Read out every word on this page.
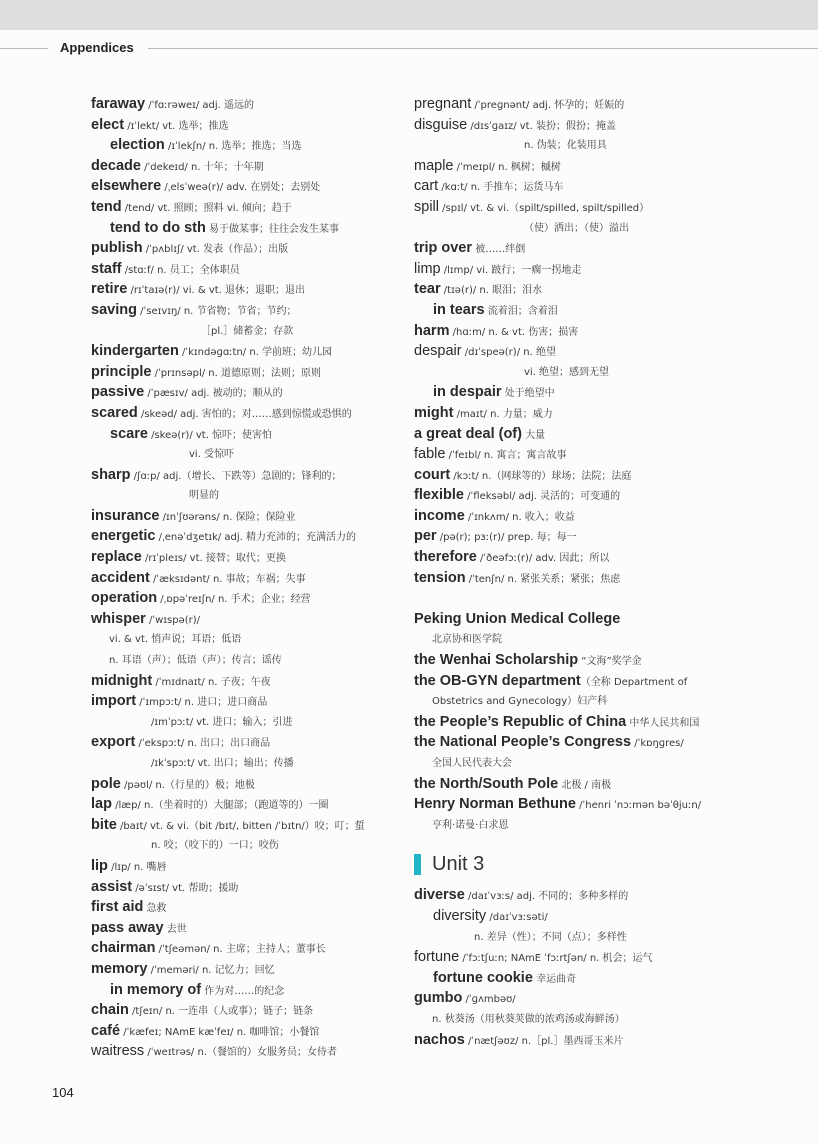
Appendices
faraway /ˈfɑːrəweɪ/ adj. 遥远的
elect /ɪˈlekt/ vt. 选举；推选
election /ɪˈlekʃn/ n. 选举；推选；当选
decade /ˈdekeɪd/ n. 十年；十年期
elsewhere /ˌelsˈweə(r)/ adv. 在别处；去别处
tend /tend/ vt. 照顾；照料 vi. 倾向；趋于
tend to do sth 易于做某事；往往会发生某事
publish /ˈpʌblɪʃ/ vt. 发表（作品）；出版
staff /stɑːf/ n. 员工；全体职员
retire /rɪˈtaɪə(r)/ vi. & vt. 退休；退职；退出
saving /ˈseɪvɪŋ/ n. 节省物；节省；节约；
［pl.］储蓄金；存款
kindergarten /ˈkɪndəɡɑːtn/ n. 学前班；幼儿园
principle /ˈprɪnsəpl/ n. 道德原则；法则；原则
passive /ˈpæsɪv/ adj. 被动的；顺从的
scared /skeəd/ adj. 害怕的；对……感到惊慌或恐惧的
scare /skeə(r)/ vt. 惊吓；使害怕
vi. 受惊吓
sharp /ʃɑːp/ adj.（增长、下跌等）急剧的；锋利的；
明显的
insurance /ɪnˈʃʊərəns/ n. 保险；保险业
energetic /ˌenəˈdʒetɪk/ adj. 精力充沛的；充满活力的
replace /rɪˈpleɪs/ vt. 接替；取代；更换
accident /ˈæksɪdənt/ n. 事故；车祸；失事
operation /ˌɒpəˈreɪʃn/ n. 手术；企业；经营
whisper /ˈwɪspə(r)/
vi. & vt. 悄声说；耳语；低语
n. 耳语（声）；低语（声）；传言；谣传
midnight /ˈmɪdnaɪt/ n. 子夜；午夜
import /ˈɪmpɔːt/ n. 进口；进口商品
/ɪmˈpɔːt/ vt. 进口；输入；引进
export /ˈekspɔːt/ n. 出口；出口商品
/ɪkˈspɔːt/ vt. 出口；输出；传播
pole /pəʊl/ n.（行星的）极；地极
lap /læp/ n.（坐着时的）大腿部；（跑道等的）一圈
bite /baɪt/ vt. & vi.（bit /bɪt/, bitten /ˈbɪtn/）咬；叮；蜇
n. 咬；（咬下的）一口；咬伤
lip /lɪp/ n. 嘴唇
assist /əˈsɪst/ vt. 帮助；援助
first aid 急救
pass away 去世
chairman /ˈtʃeəmən/ n. 主席；主持人；董事长
memory /ˈmeməri/ n. 记忆力；回忆
in memory of 作为对……的纪念
chain /tʃeɪn/ n. 一连串（人或事）；链子；链条
café /ˈkæfeɪ; NAmE kæˈfeɪ/ n. 咖啡馆；小餐馆
waitress /ˈweɪtrəs/ n.（餐馆的）女服务员；女侍者
pregnant /ˈpreɡnənt/ adj. 怀孕的；妊娠的
disguise /dɪsˈɡaɪz/ vt. 装扮；假扮；掩盖
n. 伪装；化装用具
maple /ˈmeɪpl/ n. 枫树；槭树
cart /kɑːt/ n. 手推车；运货马车
spill /spɪl/ vt. & vi.（spilt/spilled, spilt/spilled）
（使）洒出；（使）溢出
trip over 被……绊倒
limp /lɪmp/ vi. 跛行；一瘸一拐地走
tear /tɪə(r)/ n. 眼泪；泪水
in tears 流着泪；含着泪
harm /hɑːm/ n. & vt. 伤害；损害
despair /dɪˈspeə(r)/ n. 绝望
vi. 绝望；感到无望
in despair 处于绝望中
might /maɪt/ n. 力量；威力
a great deal (of) 大量
fable /ˈfeɪbl/ n. 寓言；寓言故事
court /kɔːt/ n.（网球等的）球场；法院；法庭
flexible /ˈfleksəbl/ adj. 灵活的；可变通的
income /ˈɪnkʌm/ n. 收入；收益
per /pə(r); pɜː(r)/ prep. 每；每一
therefore /ˈðeəfɔː(r)/ adv. 因此；所以
tension /ˈtenʃn/ n. 紧张关系；紧张；焦虑
Peking Union Medical College
北京协和医学院
the Wenhai Scholarship “文海”奖学金
the OB-GYN department（全称 Department of
Obstetrics and Gynecology）妇产科
the People’s Republic of China 中华人民共和国
the National People’s Congress /ˈkɒŋɡres/
全国人民代表大会
the North/South Pole 北极 / 南极
Henry Norman Bethune /ˈhenri ˈnɔːmən bəˈθjuːn/
亨利·诺曼·白求恩
Unit 3
diverse /daɪˈvɜːs/ adj. 不同的；多种多样的
diversity /daɪˈvɜːsəti/
n. 差异（性）；不同（点）；多样性
fortune /ˈfɔːtʃuːn; NAmE ˈfɔːrtʃən/ n. 机会；运气
fortune cookie 幸运曲奇
gumbo /ˈɡʌmbəʊ/
n. 秋葵汤（用秋葵荚做的浓鸡汤或海鲜汤）
nachos /ˈnætʃəʊz/ n.［pl.］墨西哥玉米片
104
